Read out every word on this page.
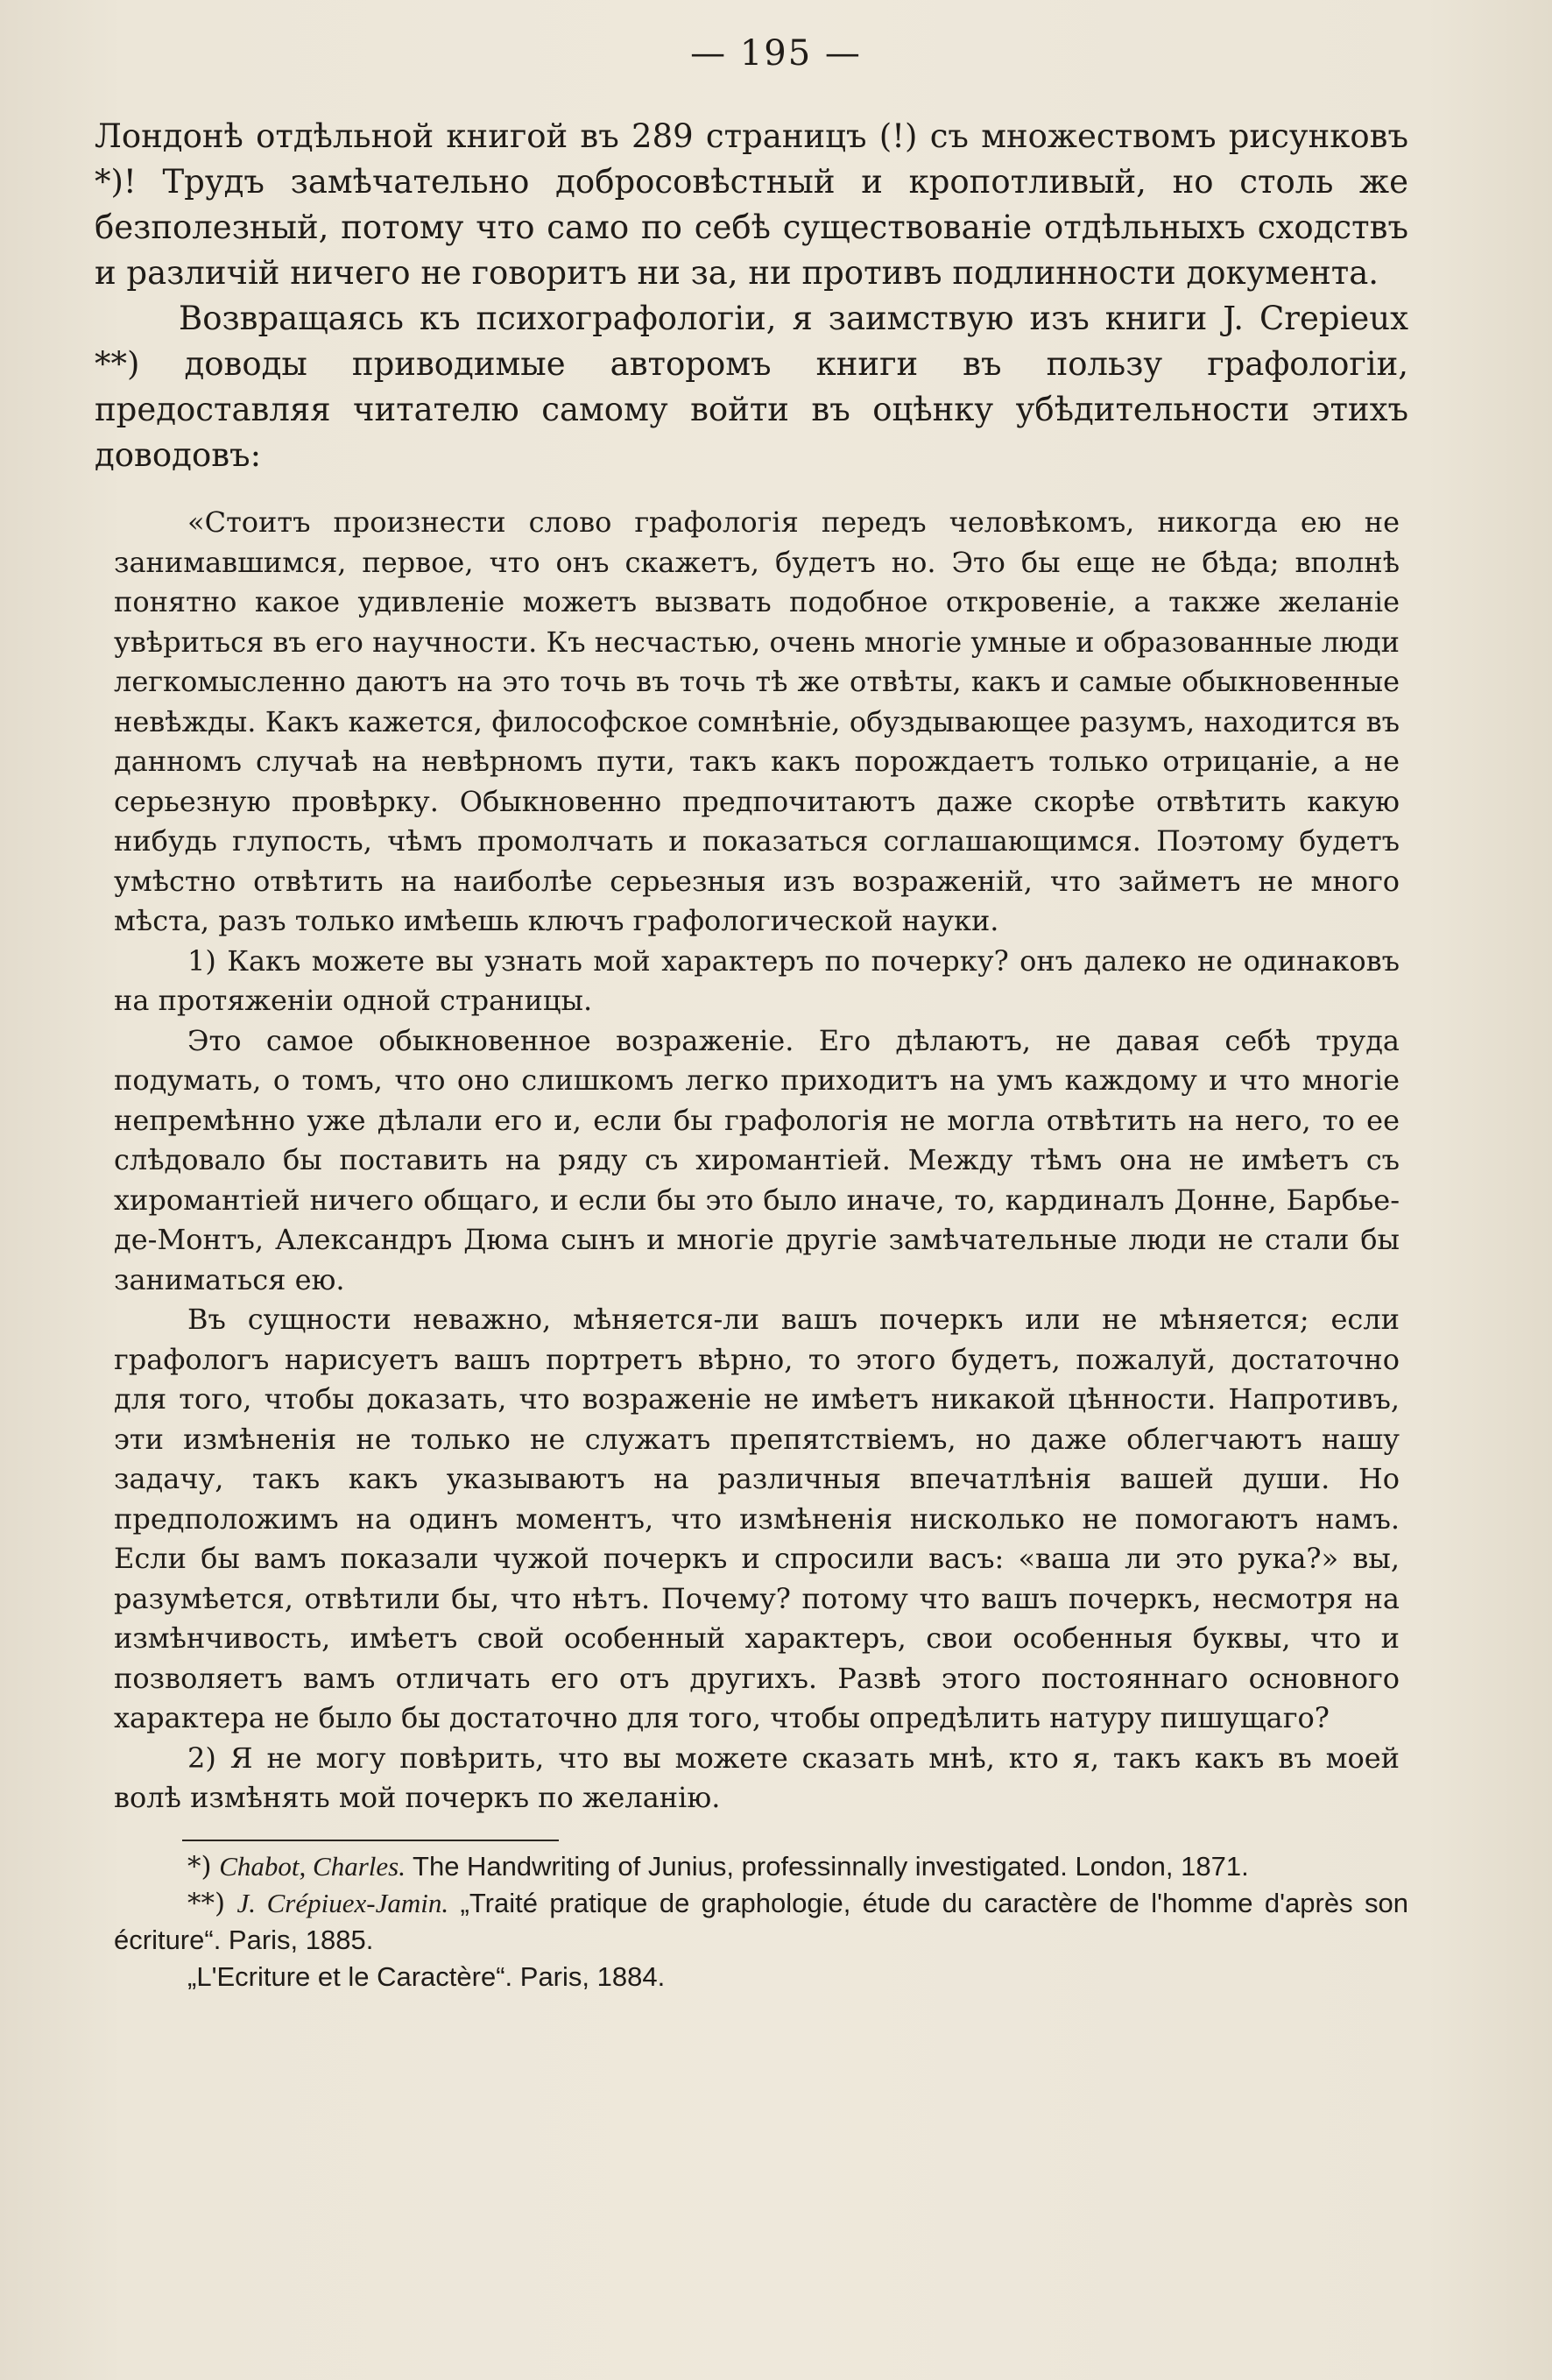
— 195 —

Лондонѣ отдѣльной книгой въ 289 страницъ (!) съ множествомъ рисунковъ *)! Трудъ замѣчательно добросовѣстный и кропотливый, но столь же безполезный, потому что само по себѣ существованіе отдѣльныхъ сходствъ и различій ничего не говоритъ ни за, ни противъ подлинности документа.

Возвращаясь къ психографологіи, я заимствую изъ книги J. Crepieux **) доводы приводимые авторомъ книги въ пользу графологіи, предоставляя читателю самому войти въ оцѣнку убѣдительности этихъ доводовъ:

«Стоитъ произнести слово графологія передъ человѣкомъ, никогда ею не занимавшимся, первое, что онъ скажетъ, будетъ но. Это бы еще не бѣда; вполнѣ понятно какое удивленіе можетъ вызвать подобное откровеніе, а также желаніе увѣриться въ его научности. Къ несчастью, очень многіе умные и образованные люди легкомысленно даютъ на это точь въ точь тѣ же отвѣты, какъ и самые обыкновенные невѣжды. Какъ кажется, философское сомнѣніе, обуздывающее разумъ, находится въ данномъ случаѣ на невѣрномъ пути, такъ какъ порождаетъ только отрицаніе, а не серьезную провѣрку. Обыкновенно предпочитаютъ даже скорѣе отвѣтить какую нибудь глупость, чѣмъ промолчать и показаться соглашающимся. Поэтому будетъ умѣстно отвѣтить на наиболѣе серьезныя изъ возраженій, что займетъ не много мѣста, разъ только имѣешь ключъ графологической науки.

1) Какъ можете вы узнать мой характеръ по почерку? онъ далеко не одинаковъ на протяженіи одной страницы.

Это самое обыкновенное возраженіе. Его дѣлаютъ, не давая себѣ труда подумать, о томъ, что оно слишкомъ легко приходитъ на умъ каждому и что многіе непремѣнно уже дѣлали его и, если бы графологія не могла отвѣтить на него, то ее слѣдовало бы поставить на ряду съ хиромантіей. Между тѣмъ она не имѣетъ съ хиромантіей ничего общаго, и если бы это было иначе, то, кардиналъ Донне, Барбье-де-Монтъ, Александръ Дюма сынъ и многіе другіе замѣчательные люди не стали бы заниматься ею.

Въ сущности неважно, мѣняется-ли вашъ почеркъ или не мѣняется; если графологъ нарисуетъ вашъ портретъ вѣрно, то этого будетъ, пожалуй, достаточно для того, чтобы доказать, что возраженіе не имѣетъ никакой цѣнности. Напротивъ, эти измѣненія не только не служатъ препятствіемъ, но даже облегчаютъ нашу задачу, такъ какъ указываютъ на различныя впечатлѣнія вашей души. Но предположимъ на одинъ моментъ, что измѣненія нисколько не помогаютъ намъ. Если бы вамъ показали чужой почеркъ и спросили васъ: «ваша ли это рука?» вы, разумѣется, отвѣтили бы, что нѣтъ. Почему? потому что вашъ почеркъ, несмотря на измѣнчивость, имѣетъ свой особенный характеръ, свои особенныя буквы, что и позволяетъ вамъ отличать его отъ другихъ. Развѣ этого постояннаго основного характера не было бы достаточно для того, чтобы опредѣлить натуру пишущаго?

2) Я не могу повѣрить, что вы можете сказать мнѣ, кто я, такъ какъ въ моей волѣ измѣнять мой почеркъ по желанію.

*) Chabot, Charles. The Handwriting of Junius, professinnally investigated. London, 1871.

**) J. Crépiuex-Jamin. „Traité pratique de graphologie, étude du caractère de l'homme d'après son écriture“. Paris, 1885.

„L'Ecriture et le Caractère“. Paris, 1884.
